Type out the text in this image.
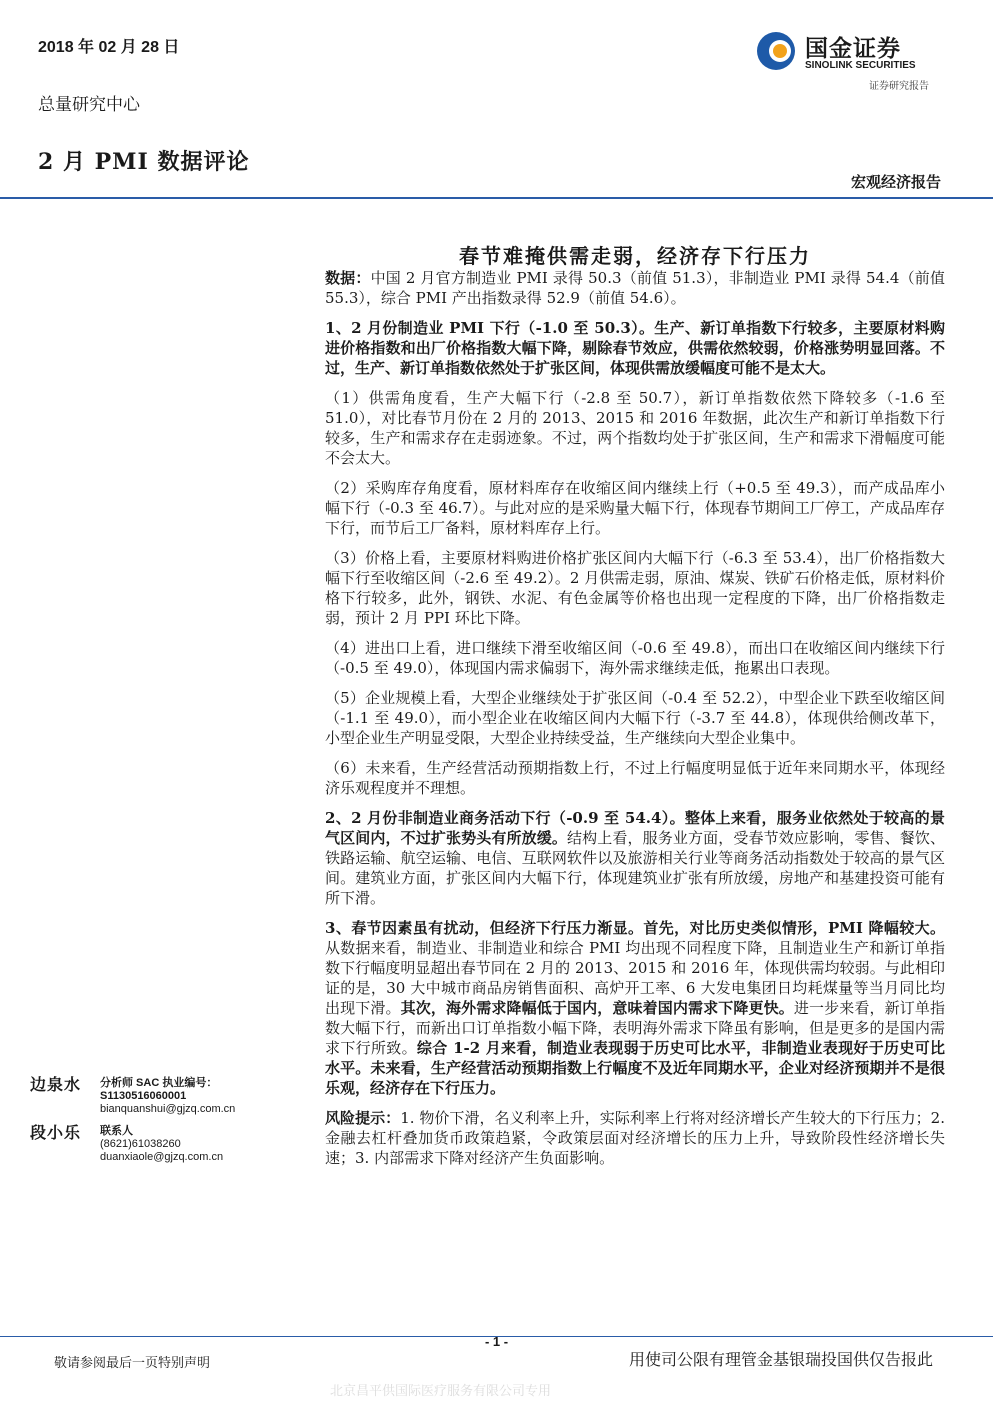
2018 年 02 月 28 日
总量研究中心
2 月 PMI 数据评论
国金证券
SINOLINK SECURITIES
证券研究报告
宏观经济报告
春节难掩供需走弱，经济存下行压力

数据：中国 2 月官方制造业 PMI 录得 50.3（前值 51.3），非制造业 PMI 录得 54.4（前值 55.3），综合 PMI 产出指数录得 52.9（前值 54.6）。

1、2 月份制造业 PMI 下行（-1.0 至 50.3）。生产、新订单指数下行较多，主要原材料购进价格指数和出厂价格指数大幅下降，剔除春节效应，供需依然较弱，价格涨势明显回落。不过，生产、新订单指数依然处于扩张区间，体现供需放缓幅度可能不是太大。

（1）供需角度看，生产大幅下行（-2.8 至 50.7），新订单指数依然下降较多（-1.6 至 51.0），对比春节月份在 2 月的 2013、2015 和 2016 年数据，此次生产和新订单指数下行较多，生产和需求存在走弱迹象。不过，两个指数均处于扩张区间，生产和需求下滑幅度可能不会太大。

（2）采购库存角度看，原材料库存在收缩区间内继续上行（+0.5 至 49.3），而产成品库小幅下行（-0.3 至 46.7）。与此对应的是采购量大幅下行，体现春节期间工厂停工，产成品库存下行，而节后工厂备料，原材料库存上行。

（3）价格上看，主要原材料购进价格扩张区间内大幅下行（-6.3 至 53.4），出厂价格指数大幅下行至收缩区间（-2.6 至 49.2）。2 月供需走弱，原油、煤炭、铁矿石价格走低，原材料价格下行较多，此外，钢铁、水泥、有色金属等价格也出现一定程度的下降，出厂价格指数走弱，预计 2 月 PPI 环比下降。

（4）进出口上看，进口继续下滑至收缩区间（-0.6 至 49.8），而出口在收缩区间内继续下行（-0.5 至 49.0），体现国内需求偏弱下，海外需求继续走低，拖累出口表现。

（5）企业规模上看，大型企业继续处于扩张区间（-0.4 至 52.2），中型企业下跌至收缩区间（-1.1 至 49.0），而小型企业在收缩区间内大幅下行（-3.7 至 44.8），体现供给侧改革下，小型企业生产明显受限，大型企业持续受益，生产继续向大型企业集中。

（6）未来看，生产经营活动预期指数上行，不过上行幅度明显低于近年来同期水平，体现经济乐观程度并不理想。

2、2 月份非制造业商务活动下行（-0.9 至 54.4）。整体上来看，服务业依然处于较高的景气区间内，不过扩张势头有所放缓。结构上看，服务业方面，受春节效应影响，零售、餐饮、铁路运输、航空运输、电信、互联网软件以及旅游相关行业等商务活动指数处于较高的景气区间。建筑业方面，扩张区间内大幅下行，体现建筑业扩张有所放缓，房地产和基建投资可能有所下滑。

3、春节因素虽有扰动，但经济下行压力渐显。首先，对比历史类似情形，PMI 降幅较大。从数据来看，制造业、非制造业和综合 PMI 均出现不同程度下降，且制造业生产和新订单指数下行幅度明显超出春节同在 2 月的 2013、2015 和 2016 年，体现供需均较弱。与此相印证的是，30 大中城市商品房销售面积、高炉开工率、6 大发电集团日均耗煤量等当月同比均出现下滑。其次，海外需求降幅低于国内，意味着国内需求下降更快。进一步来看，新订单指数大幅下行，而新出口订单指数小幅下降，表明海外需求下降虽有影响，但是更多的是国内需求下行所致。综合 1-2 月来看，制造业表现弱于历史可比水平，非制造业表现好于历史可比水平。未来看，生产经营活动预期指数上行幅度不及近年同期水平，企业对经济预期并不是很乐观，经济存在下行压力。

风险提示：1. 物价下滑，名义利率上升，实际利率上行将对经济增长产生较大的下行压力；2. 金融去杠杆叠加货币政策趋紧，令政策层面对经济增长的压力上升，导致阶段性经济增长失速；3. 内部需求下降对经济产生负面影响。

边泉水 分析师 SAC 执业编号：S1130516060001
bianquanshui@gjzq.com.cn
段小乐 联系人
(8621)61038260
duanxiaole@gjzq.com.cn
- 1 -
敬请参阅最后一页特别声明	用使司公限有理管金基银瑞投国供仅告报此
北京昌平供国际医疗服务有限公司专用
